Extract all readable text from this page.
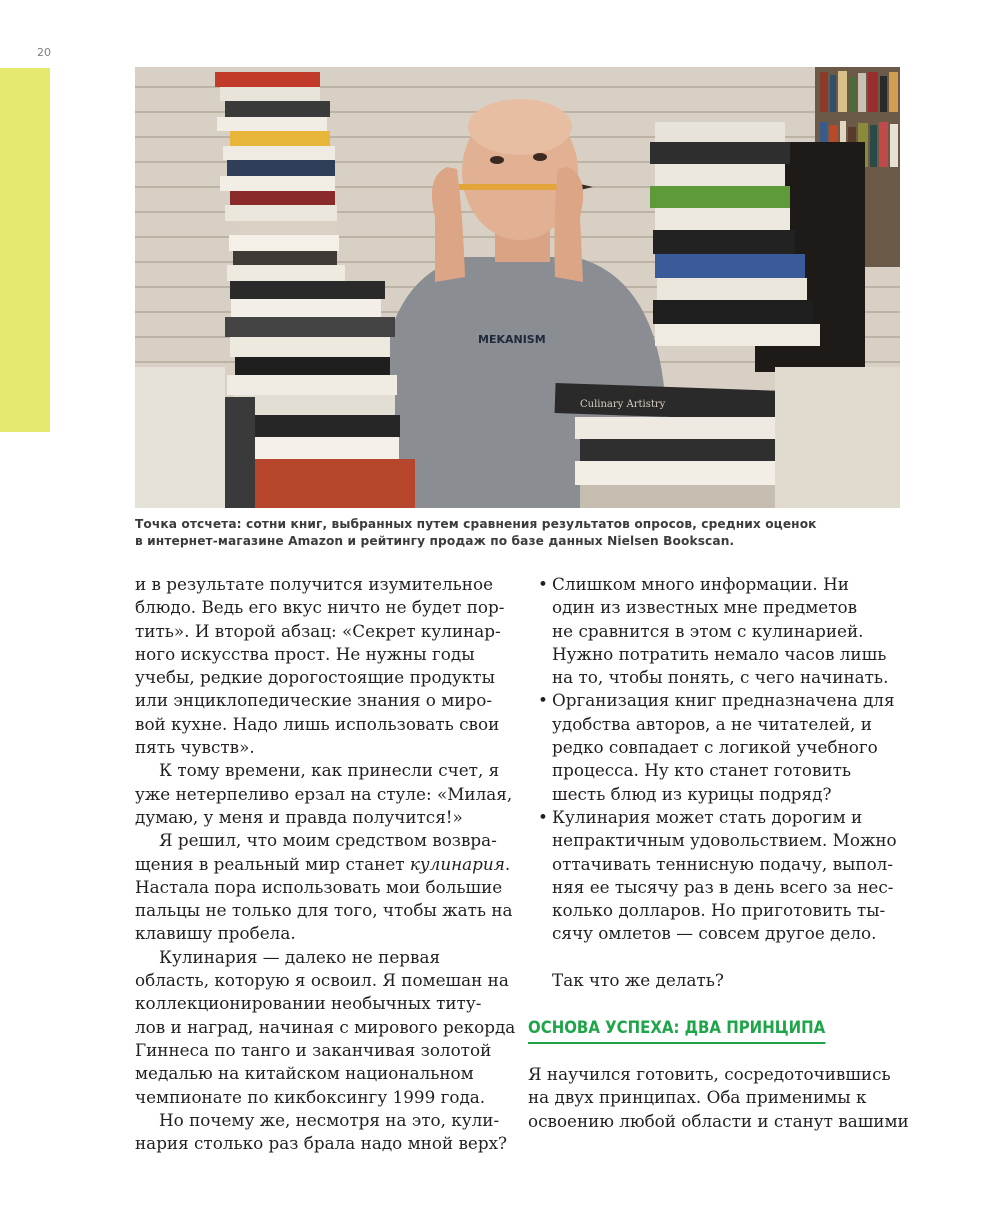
20
MEKANISM
Culinary Artistry
Точка отсчета: сотни книг, выбранных путем сравнения результатов опросов, средних оценок
в интернет-магазине Amazon и рейтингу продаж по базе данных Nielsen Bookscan.
и в результате получится изумительное
блюдо. Ведь его вкус ничто не будет пор-
тить». И второй абзац: «Секрет кулинар-
ного искусства прост. Не нужны годы
учебы, редкие дорогостоящие продукты
или энциклопедические знания о миро-
вой кухне. Надо лишь использовать свои
пять чувств».
К тому времени, как принесли счет, я
уже нетерпеливо ерзал на стуле: «Милая,
думаю, у меня и правда получится!»
Я решил, что моим средством возвра-
щения в реальный мир станет кулинария.
Настала пора использовать мои большие
пальцы не только для того, чтобы жать на
клавишу пробела.
Кулинария — далеко не первая
область, которую я освоил. Я помешан на
коллекционировании необычных титу-
лов и наград, начиная с мирового рекорда
Гиннеса по танго и заканчивая золотой
медалью на китайском национальном
чемпионате по кикбоксингу 1999 года.
Но почему же, несмотря на это, кули-
нария столько раз брала надо мной верх?
• Слишком много информации. Ни
один из известных мне предметов
не сравнится в этом с кулинарией.
Нужно потратить немало часов лишь
на то, чтобы понять, с чего начинать.
• Организация книг предназначена для
удобства авторов, а не читателей, и
редко совпадает с логикой учебного
процесса. Ну кто станет готовить
шесть блюд из курицы подряд?
• Кулинария может стать дорогим и
непрактичным удовольствием. Можно
оттачивать теннисную подачу, выпол-
няя ее тысячу раз в день всего за нес-
колько долларов. Но приготовить ты-
сячу омлетов — совсем другое дело.
Так что же делать?
ОСНОВА УСПЕХА: ДВА ПРИНЦИПА
Я научился готовить, сосредоточившись
на двух принципах. Оба применимы к
освоению любой области и станут вашими
